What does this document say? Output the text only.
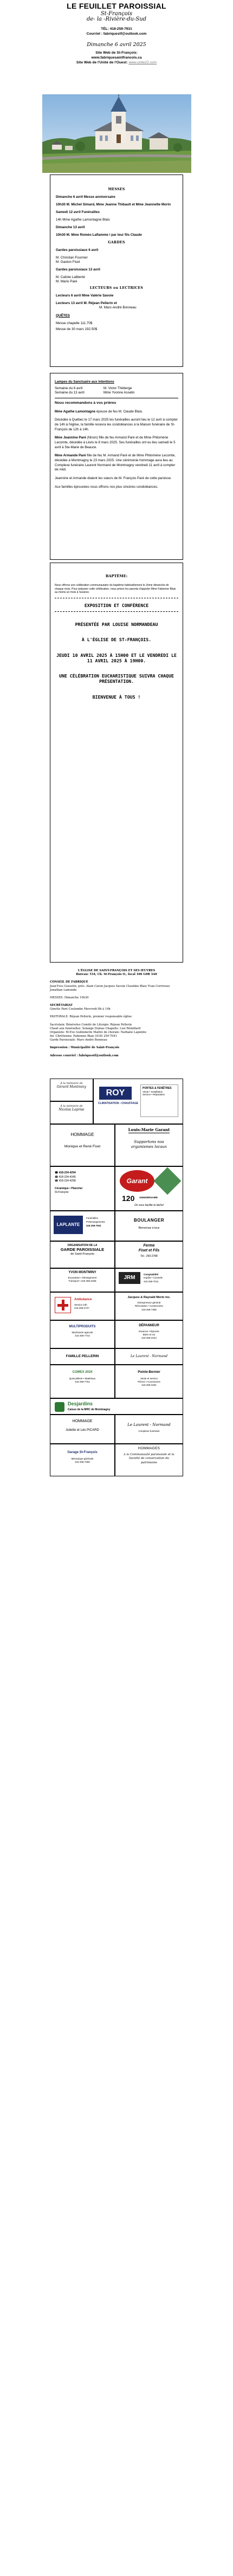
LE FEUILLET PAROISSIAL
St-François
de- la -Rivière-du-Sud
TÉL: 418-259-7931
Courriel : fabriquestf@outlook.com
Dimanche 6 avril 2025
Site Web de St-François:
www.fabriquesaintfrancois.ca
Site Web de l'Unité de l'Ouest: www.unite22.com
MESSES

Dimanche 6 avril Messe anniversaire

10h30 M. Michel Simard, Mme Jeanne Thibault et Mme Jeannette Morin

Samedi 12 avril Funérailles

14h Mme Agathe Lamontagne Blais

Dimanche 13 avril

10h30 M. Mme Roméo Laflamme / par leur fils Claude

GARDES

Gardes paroissiaux 6 avril

M. Christian Fournier
M. Gaston Fiset

Gardes paroissiaux 13 avril

M. Calixte Laliberté
M. Mario Paré
LECTEURS ou LECTRICES

Lecteurs 6 avril Mme Valérie Savoie

Lecteurs 13 avril M. Réjean Pellerin et

M. Marc-André Bonneau

QUÊTES

Messe chapelle 111.70$
Messe de 30 mars 192.50$
Lampes du Sanctuaire aux intentions
Semaine du 6 avril	M. Victor Théberge
Semaine du 13 avril	Mme Yvonne Asselin
Nous recommandons à vos prières

Mme Agathe Lamontagne épouse de feu M. Claude Blais.

Décédée à Québec le 17 mars 2025 les funérailles auront lieu le 12 avril à compter de 14h à l'église, la famille recevra les condoléances à la Maison funéraire de St-François de 12h à 14h.

Mme Jeannine Paré (Ninon) fille de feu Armand Paré et de Mme Philomène Lecomte, décédée à Lévis le 8 mars 2025. Ses funérailles ont eu lieu samedi le 5 avril à Ste-Marie de Beauce.

Mme Armande Paré fille de feu M. Armand Paré et de Mme Philomène Lecomte, décédée à Montmagny le 23 mars 2025. Une cérémonie hommage aura lieu au Complexe funéraire Laurent Normand de Montmagny vendredi 11 avril à compter de midi.

Jeannine et Armande étaient les sœurs de M. François Paré de cette paroisse.

Aux familles éprouvées nous offrons nos plus sincères condoléances.

BAPTÊME:
Nous offrons une célébration communautaire du baptême habituellement le 2ème dimanche de chaque mois. Pour préparer cette célébration, nous prions les parents d'appeler Mme Fabienne Blais au moins un mois à l'avance.
EXPOSITION ET CONFÉRENCE
PRÉSENTÉE PAR LOUISE NORMANDEAU
À L'ÉGLISE DE ST-FRANÇOIS.
JEUDI 10 AVRIL 2025 À 15H00 ET LE VENDREDI LE 11 AVRIL 2025 À 19H00.
UNE CÉLÉBRATION EUCHARISTIQUE SUIVRA CHAQUE PRÉSENTATION.
BIENVENUE À TOUS !
L'ÉGLISE DE SAINT-FRANÇOIS ET SES ŒUVRES
Bureau: 534, Ch. St-François O., local 106 G0R 3A0

CONSEIL DE FABRIQUE
Jean-Yves Gosselin, prés. Alain Caron Jacques Savoie Claudine Blais Yvan Corriveau Jonathan Lamonde

MESSES: Dimanche 10h30

SECRÉTARIAT
Ginette Paré Coulombe Mercredi 8h à 14h

PASTORALE: Réjean Pellerin, premier responsable église

Sacristain: Bénévoles Comité de Liturgie: Réjean Pellerin
Chant aux funérailles: Solange Dumas Chapelle: Lise Rémillard
Organiste: M-Eve Guillemette Maître de chorale: Nathalie Lapointe
Ini. Chrétienne: Fabienne Blais (418) 259-7041
Garde Paroissiale: Marc-André Bonneau

Impression : Municipalité de Saint-François

Adresse courriel : fabriquestf@outlook.com

À la mémoire de
Gérard Montminy
À la mémoire de
Nicolas Laprise
ROY
CLIMATISATION • CHAUFFAGE
PORTES & FENÊTRES
Vente • Installation
Service • Réparation
HOMMAGE
Monique et René Fiset
Louis-Marie Garant
Supportons nos organismes locaux
☎ 418-234-4294
☎ 418-234-4345
☎ 418-234-4298
Céramique • Plancher
St-François
Garant
120 ANNIVERSAIRE
On vous facilite la tâche!
LAPLANTE
Funérailles
Préarrangements
418 259-7931
BOULANGER
Bienvenue à tous
ORGANISATION DE LA
GARDE PAROISSIALE
de Saint-François
Ferme
Fiset et Fils
Tel.: 259-2788
YVON MONTMINY
Excavation • Déneigement
Transport • 418 259-2258
JRM
Comptabilité
Impôts • Conseils
418 259-7011
Ambulance
Service 24h
418 259-2727
Jacques & Raynald Morin inc.
Entrepreneur général
Rénovation • Construction
418 259-7355
MULTIPRODUITS
Machinerie agricole
418 259-7744
DÉPANNEUR
Essence • Épicerie
Bière et vin
418 259-2244
FAMILLE PELLERIN	Le Laurent - Normand
COMEX 2024
Quincaillerie • Matériaux
418 259-7751
Pointe-Bernier
Vente et service
Pièces • Accessoires
418 259-2201
Desjardins
Caisse de la MRC de Montmagny
HOMMAGE
Juliette et Léo PICARD
Le Laurent - Normand
Complexe funéraire
Garage St-François
Mécanique générale
418 259-7266
HOMMAGES
à la Communauté paroissiale et la Société de conservation du patrimoine
